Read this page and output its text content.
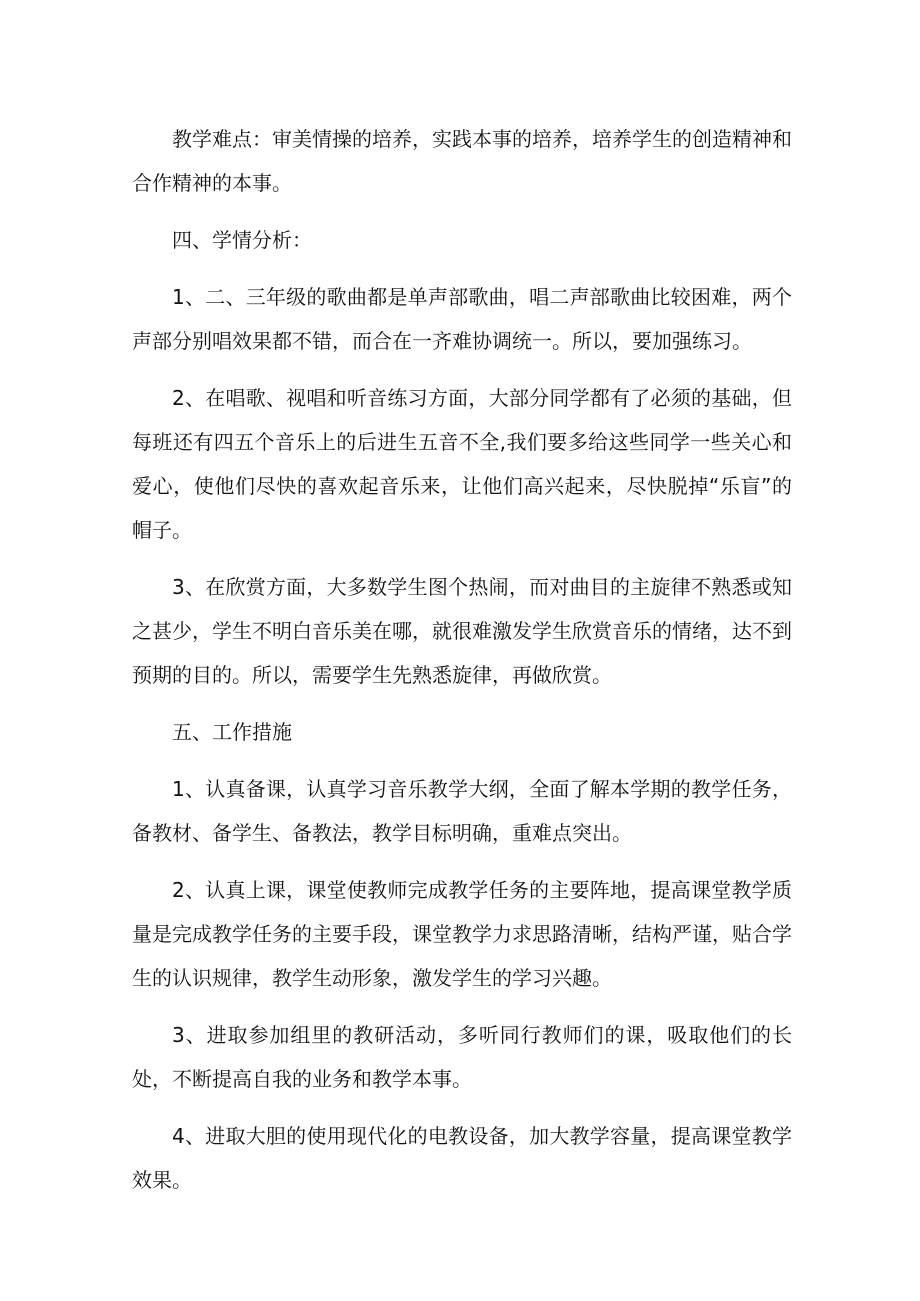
教学难点：审美情操的培养，实践本事的培养，培养学生的创造精神和合作精神的本事。

四、学情分析：

1、二、三年级的歌曲都是单声部歌曲，唱二声部歌曲比较困难，两个声部分别唱效果都不错，而合在一齐难协调统一。所以，要加强练习。

2、在唱歌、视唱和听音练习方面，大部分同学都有了必须的基础，但每班还有四五个音乐上的后进生五音不全,我们要多给这些同学一些关心和爱心，使他们尽快的喜欢起音乐来，让他们高兴起来，尽快脱掉“乐盲”的帽子。

3、在欣赏方面，大多数学生图个热闹，而对曲目的主旋律不熟悉或知之甚少，学生不明白音乐美在哪，就很难激发学生欣赏音乐的情绪，达不到预期的目的。所以，需要学生先熟悉旋律，再做欣赏。

五、工作措施

1、认真备课，认真学习音乐教学大纲，全面了解本学期的教学任务，备教材、备学生、备教法，教学目标明确，重难点突出。

2、认真上课，课堂使教师完成教学任务的主要阵地，提高课堂教学质量是完成教学任务的主要手段，课堂教学力求思路清晰，结构严谨，贴合学生的认识规律，教学生动形象，激发学生的学习兴趣。

3、进取参加组里的教研活动，多听同行教师们的课，吸取他们的长处，不断提高自我的业务和教学本事。

4、进取大胆的使用现代化的电教设备，加大教学容量，提高课堂教学效果。
